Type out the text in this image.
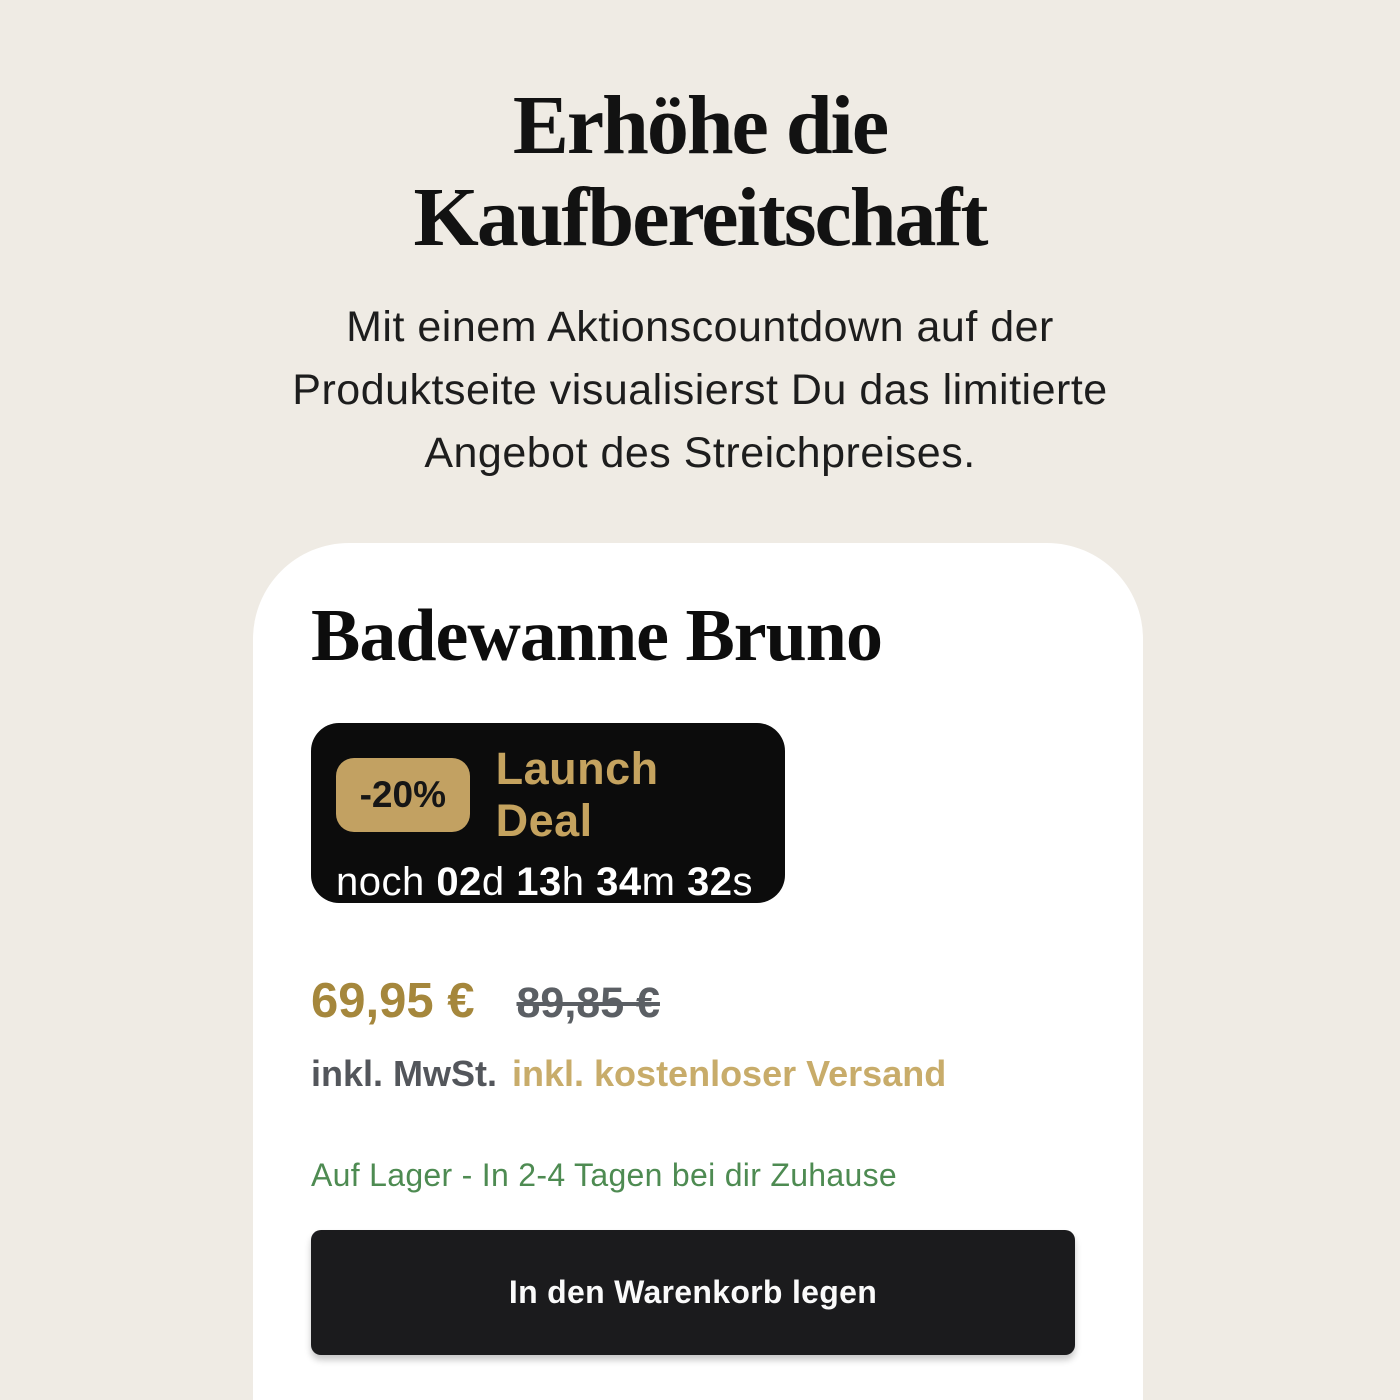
Erhöhe die
Kaufbereitschaft
Mit einem Aktionscountdown auf der
Produktseite visualisierst Du das limitierte
Angebot des Streichpreises.
Badewanne Bruno
-20%
Launch Deal
noch 02d 13h 34m 32s
69,95 € 89,85 €
inkl. MwSt. inkl. kostenloser Versand
Auf Lager - In 2-4 Tagen bei dir Zuhause
In den Warenkorb legen
